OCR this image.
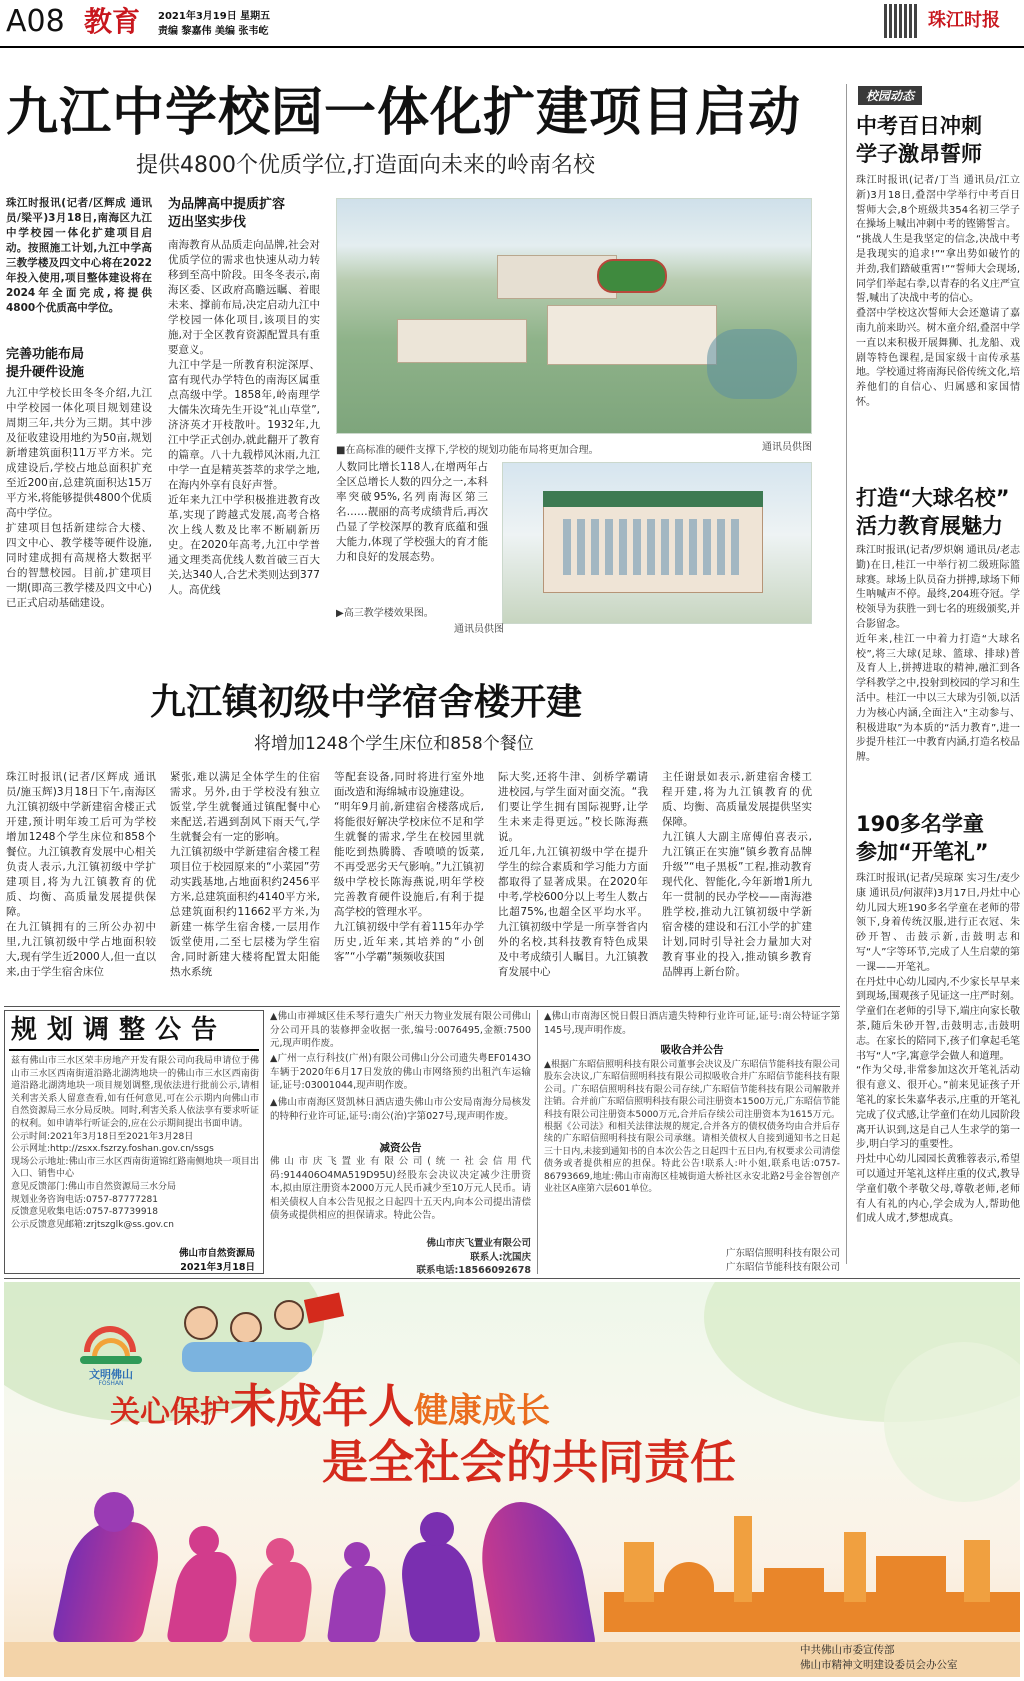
A08 教育 2021年3月19日 星期五
责编 黎嘉伟 美编 张韦屹
珠江时报
九江中学校园一体化扩建项目启动
提供4800个优质学位,打造面向未来的岭南名校
珠江时报讯(记者/区辉成 通讯员/梁平)3月18日,南海区九江中学校园一体化扩建项目启动。按照施工计划,九江中学高三教学楼及四文中心将在2022年投入使用,项目整体建设将在2024年全面完成,将提供4800个优质高中学位。
完善功能布局
提升硬件设施
九江中学校长田冬冬介绍,九江中学校园一体化项目规划建设周期三年,共分为三期。其中涉及征收建设用地约为50亩,规划新增建筑面积11万平方米。完成建设后,学校占地总面积扩充至近200亩,总建筑面积达15万平方米,将能够提供4800个优质高中学位。
扩建项目包括新建综合大楼、四文中心、教学楼等硬件设施,同时建成拥有高规格大数据平台的智慧校园。目前,扩建项目一期(即高三教学楼及四文中心)已正式启动基础建设。
为品牌高中提质扩容
迈出坚实步伐
南海教育从品质走向品牌,社会对优质学位的需求也快速从动力转移到至高中阶段。田冬冬表示,南海区委、区政府高瞻远瞩、着眼未来、撑前布局,决定启动九江中学校园一体化项目,该项目的实施,对于全区教育资源配置具有重要意义。
九江中学是一所教育积淀深厚、富有现代办学特色的南海区属重点高级中学。1858年,岭南理学大儒朱次琦先生开设“礼山草堂”,济济英才开枝散叶。1932年,九江中学正式创办,就此翻开了教育的篇章。八十九载栉风沐雨,九江中学一直是精英荟萃的求学之地,在海内外享有良好声誉。
近年来九江中学积极推进教育改革,实现了跨越式发展,高考合格次上线人数及比率不断刷新历史。在2020年高考,九江中学普通文理类高优线人数首破三百大关,达340人,合艺术类则达到377人。高优线
■在高标准的硬件支撑下,学校的规划功能布局将更加合理。	通讯员供图
人数同比增长118人,在增两年占全区总增长人数的四分之一,本科率突破95%,名列南海区第三名……靓丽的高考成绩背后,再次凸显了学校深厚的教育底蕴和强大能力,体现了学校强大的育才能力和良好的发展态势。
▶高三教学楼效果图。
通讯员供图
九江镇初级中学宿舍楼开建
将增加1248个学生床位和858个餐位
珠江时报讯(记者/区辉成 通讯员/施玉辉)3月18日下午,南海区九江镇初级中学新建宿舍楼正式开建,预计明年竣工后可为学校增加1248个学生床位和858个餐位。九江镇教育发展中心相关负责人表示,九江镇初级中学扩建项目,将为九江镇教育的优质、均衡、高质量发展提供保障。
在九江镇拥有的三所公办初中里,九江镇初级中学占地面积较大,现有学生近2000人,但一直以来,由于学生宿舍床位
紧张,难以满足全体学生的住宿需求。另外,由于学校没有独立饭堂,学生就餐通过镇配餐中心来配送,若遇到刮风下雨天气,学生就餐会有一定的影响。
九江镇初级中学新建宿舍楼工程项目位于校园原来的“小菜园”劳动实践基地,占地面积约2456平方米,总建筑面积约4140平方米,总建筑面积约11662平方米,为新建一栋学生宿舍楼,一层用作饭堂使用,二至七层楼为学生宿舍,同时新建大楼将配置太阳能热水系统
等配套设备,同时将进行室外地面改造和海绵城市设施建设。
“明年9月前,新建宿舍楼落成后,将能很好解决学校床位不足和学生就餐的需求,学生在校园里就能吃到热腾腾、香喷喷的饭菜,不再受恶劣天气影响。”九江镇初级中学校长陈海燕说,明年学校完善教育硬件设施后,有利于提高学校的管理水平。
九江镇初级中学有着115年办学历史,近年来,其培养的“小创客”“小学霸”频频收获国
际大奖,还将牛津、剑桥学霸请进校园,与学生面对面交流。“我们要让学生拥有国际视野,让学生未来走得更远。”校长陈海燕说。
近几年,九江镇初级中学在提升学生的综合素质和学习能力方面都取得了显著成果。在2020年中考,学校600分以上考生人数占比超75%,也超全区平均水平。九江镇初级中学是一所享誉省内外的名校,其科技教育特色成果及中考成绩引人瞩目。九江镇教育发展中心
主任谢景如表示,新建宿舍楼工程开建,将为九江镇教育的优质、均衡、高质量发展提供坚实保障。
九江镇人大副主席傅伯喜表示,九江镇正在实施“镇乡教育品牌升级”“电子黑板”工程,推动教育现代化、智能化,今年新增1所九年一贯制的民办学校——南海港胜学校,推动九江镇初级中学新宿舍楼的建设和石江小学的扩建计划,同时引导社会力量加大对教育事业的投入,推动镇乡教育品牌再上新台阶。
校园动态
中考百日冲刺
学子激昂誓师
珠江时报讯(记者/丁当 通讯员/江立新)3月18日,叠滘中学举行中考百日誓师大会,8个班级共354名初三学子在操场上喊出冲刺中考的铿锵誓言。
“挑战人生是我坚定的信念,决战中考是我现实的追求!”“拿出势如破竹的并劲,我们踏破重霄!”“誓师大会现场,同学们举起右拳,以青春的名义庄严宣誓,喊出了决战中考的信心。
叠滘中学校这次誓师大会还邀请了嘉南九前来助兴。树木童介绍,叠滘中学一直以来积极开展舞狮、扎龙船、戏剧等特色课程,是国家级十亩传承基地。学校通过将南海民俗传统文化,培养他们的自信心、归属感和家国情怀。
打造“大球名校”
活力教育展魅力
珠江时报讯(记者/罗炽娴 通讯员/老志勤)在日,桂江一中举行初二级班际篮球赛。球场上队员奋力拼搏,球场下师生呐喊声不停。最终,204班夺冠。学校领导为获胜一到七名的班级颁奖,并合影留念。
近年来,桂江一中着力打造“大球名校”,将三大球(足球、篮球、排球)普及育人上,拼搏进取的精神,融汇到各学科教学之中,投射到校园的学习和生活中。桂江一中以三大球为引领,以活力为核心内涵,全面注入“主动参与、积极进取”为本质的“活力教育”,进一步提升桂江一中教育内涵,打造名校品牌。
190多名学童
参加“开笔礼”
珠江时报讯(记者/吴琼琛 实习生/麦少康 通讯员/何淑萍)3月17日,丹灶中心幼儿园大班190多名学童在老师的带领下,身着传统汉服,进行正衣冠、朱砂开智、击鼓示新,击鼓明志和写“人”字等环节,完成了人生启蒙的第一课——开笔礼。
在丹灶中心幼儿园内,不少家长早早来到现场,围观孩子见证这一庄严时刻。学童们在老师的引导下,端庄向家长敬茶,随后朱砂开智,击鼓明志,击鼓明志。在家长的陪同下,孩子们拿起毛笔书写“人”字,寓意学会做人和道理。
“作为父母,非常参加这次开笔礼活动很有意义、很开心。”前来见证孩子开笔礼的家长朱嘉华表示,庄重的开笔礼完成了仪式感,让学童们在幼儿园阶段离开认识到,这是自己人生求学的第一步,明白学习的重要性。
丹灶中心幼儿园园长黄雅蓉表示,希望可以通过开笔礼这样庄重的仪式,教导学童们敬个孝敬父母,尊敬老师,老师有人有礼的内心,学会成为人,帮助他们成人成才,梦想成真。
规划调整公告
兹有佛山市三水区荣丰房地产开发有限公司向我局申请位于佛山市三水区西南街道沿路北湖湾地块一的佛山市三水区西南街道沿路北湖湾地块一项目规划调整,现依法进行批前公示,请相关利害关系人留意查看,如有任何意见,可在公示期内向佛山市自然资源局三水分局反映。同时,利害关系人依法享有要求听证的权利。如申请举行听证会的,应在公示期间提出书面申请。
公示时间:2021年3月18日至2021年3月28日
公示网址:http://zsxx.fszrzy.foshan.gov.cn/ssgs
现场公示地址:佛山市三水区西南街道锦红路南侧地块一项目出入口、销售中心
意见反馈部门:佛山市自然资源局三水分局
规划业务咨询电话:0757-87777281
反馈意见收集电话:0757-87739918
公示反馈意见邮箱:zrjtszglk@ss.gov.cn
佛山市自然资源局
2021年3月18日
▲佛山市禅城区佳禾琴行遗失广州天力物业发展有限公司佛山分公司开具的装修押金收据一张,编号:0076495,金额:7500元,现声明作废。
▲广州一点行科技(广州)有限公司佛山分公司遗失粤EF0143O车辆于2020年6月17日发放的佛山市网络预约出租汽车运输证,证号:03001044,现声明作废。
▲佛山市南海区贤凯林日酒店遗失佛山市公安局南海分局核发的特种行业许可证,证号:南公(治)字第027号,现声明作废。
减资公告
佛山市庆飞置业有限公司(统一社会信用代码:914406O4MA519D95U)经股东会决议决定减少注册资本,拟由原注册资本2000万元人民币减少至10万元人民币。请相关债权人自本公告见报之日起四十五天内,向本公司提出清偿债务或提供相应的担保请求。特此公告。
佛山市庆飞置业有限公司
联系人:沈国庆
联系电话:18566092678
▲佛山市南海区悦日假日酒店遗失特种行业许可证,证号:南公特证字第145号,现声明作废。
吸收合并公告
▲根据广东昭信照明科技有限公司董事会决议及广东昭信节能科技有限公司股东会决议,广东昭信照明科技有限公司拟吸收合并广东昭信节能科技有限公司。广东昭信照明科技有限公司存续,广东昭信节能科技有限公司解散并注销。合并前广东昭信照明科技有限公司注册资本1500万元,广东昭信节能科技有限公司注册资本5000万元,合并后存续公司注册资本为1615万元。根据《公司法》和相关法律法规的规定,合并各方的债权债务均由合并后存续的广东昭信照明科技有限公司承继。请相关债权人自接到通知书之日起三十日内,未接到通知书的自本次公告之日起四十五日内,有权要求公司清偿债务或者提供相应的担保。特此公告!联系人:叶小姐,联系电话:0757-86793669,地址:佛山市南海区桂城街道大桥社区永安北路2号金谷智创产业社区A座第六层601单位。
广东昭信照明科技有限公司
广东昭信节能科技有限公司
文明佛山
FOSHAN
关心保护未成年人健康成长
是全社会的共同责任
中共佛山市委宣传部
佛山市精神文明建设委员会办公室
